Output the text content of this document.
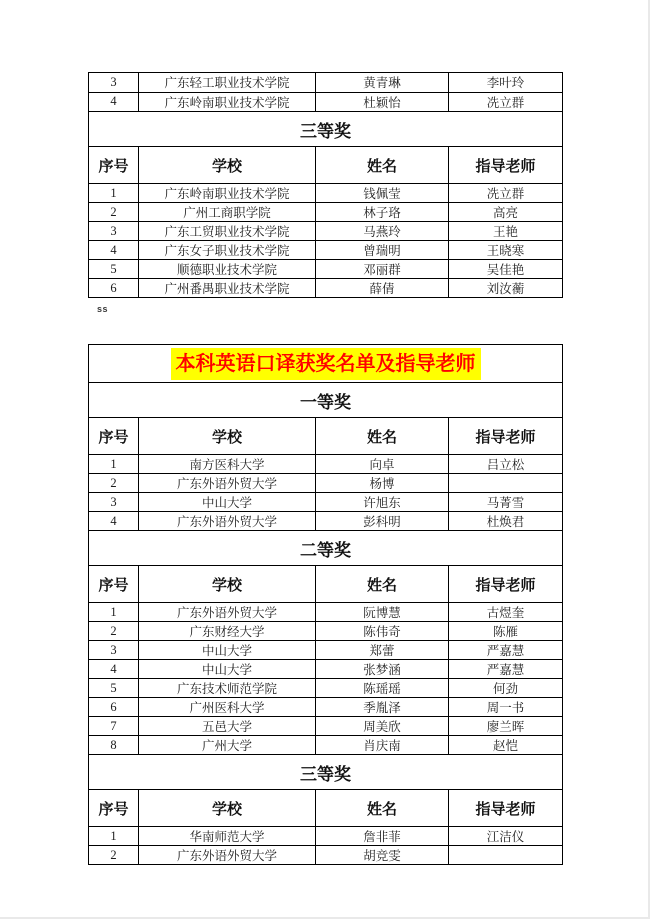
3	广东轻工职业技术学院	黄青琳	李叶玲
4	广东岭南职业技术学院	杜颖怡	冼立群
三等奖			
序号	学校	姓名	指导老师
1	广东岭南职业技术学院	钱佩莹	冼立群
2	广州工商职学院	林子珞	高亮
3	广东工贸职业技术学院	马燕玲	王艳
4	广东女子职业技术学院	曾瑞明	王晓寒
5	顺德职业技术学院	邓丽群	吴佳艳
6	广州番禺职业技术学院	薛倩	刘汝蘅
ss
本科英语口译获奖名单及指导老师			
一等奖			
序号	学校	姓名	指导老师
1	南方医科大学	向卓	吕立松
2	广东外语外贸大学	杨博	
3	中山大学	许旭东	马菁雪
4	广东外语外贸大学	彭科明	杜焕君
二等奖			
序号	学校	姓名	指导老师
1	广东外语外贸大学	阮博慧	古煜奎
2	广东财经大学	陈伟奇	陈雁
3	中山大学	郑蕾	严嘉慧
4	中山大学	张梦涵	严嘉慧
5	广东技术师范学院	陈瑶瑶	何劲
6	广州医科大学	季胤泽	周一书
7	五邑大学	周美欣	廖兰晖
8	广州大学	肖庆南	赵恺
三等奖			
序号	学校	姓名	指导老师
1	华南师范大学	詹非菲	江洁仪
2	广东外语外贸大学	胡竞雯	
